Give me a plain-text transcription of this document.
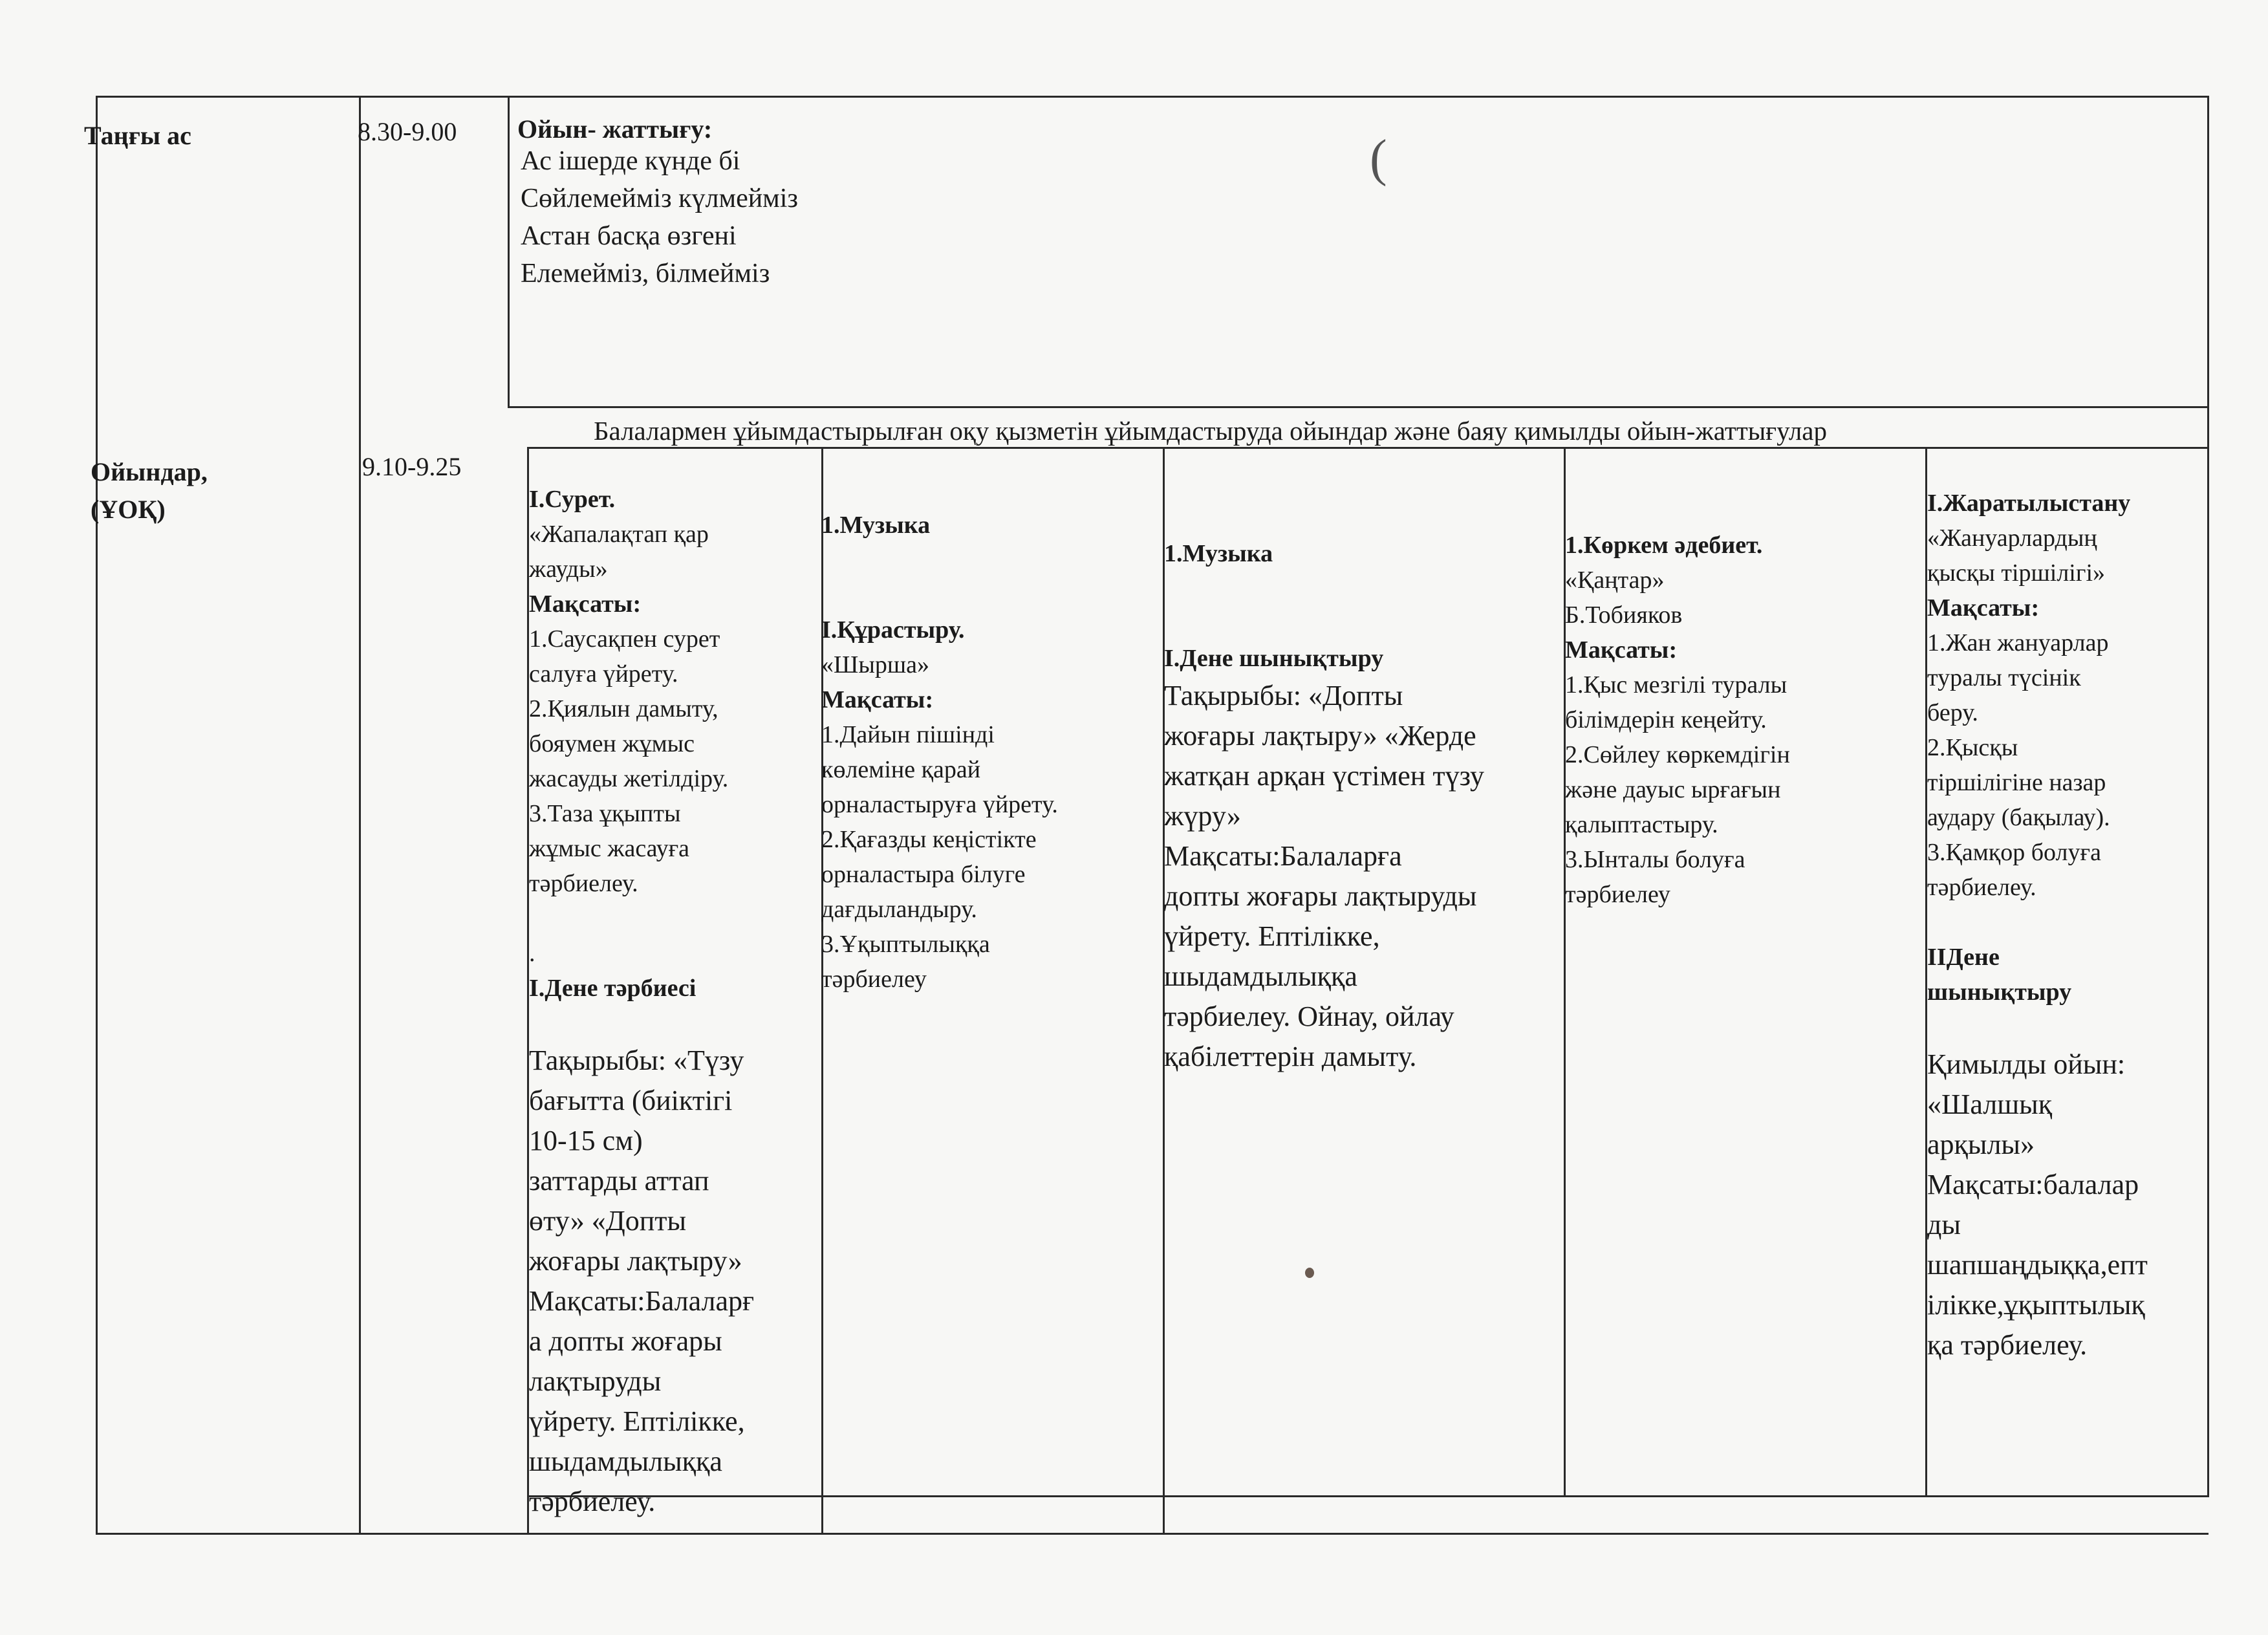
Таңғы ас	8.30-9.00 Ойын- жаттығу:
Ас ішерде күнде бі
Сөйлемейміз күлмейміз
Астан басқа өзгені
Елемейміз, білмейміз
(
Ойындар,
(ҰОҚ)
9.10-9.25
Балалармен ұйымдастырылған оқу қызметін ұйымдастыруда ойындар және баяу қимылды ойын-жаттығулар
І.Сурет.
«Жапалақтап қар
жауды»
Мақсаты:
1.Саусақпен сурет
салуға үйрету.
2.Қиялын дамыту,
бояумен жұмыс
жасауды жетілдіру.
3.Таза ұқыпты
жұмыс жасауға
тәрбиелеу.
.
І.Дене тәрбиесі
Тақырыбы: «Түзу
бағытта (биіктігі
10-15 см)
заттарды аттап
өту» «Допты
жоғары лақтыру»
Мақсаты:Балаларғ
а допты жоғары
лақтыруды
үйрету. Ептілікке,
шыдамдылыққа
тәрбиелеу.
1.Музыка
І.Құрастыру.
«Шырша»
Мақсаты:
1.Дайын пішінді
көлеміне қарай
орналастыруға үйрету.
2.Қағазды кеңістікте
орналастыра білуге
дағдыландыру.
3.Ұқыптылыққа
тәрбиелеу
1.Музыка
І.Дене шынықтыру
Тақырыбы: «Допты
жоғары лақтыру» «Жерде
жатқан арқан үстімен түзу
жүру»
Мақсаты:Балаларға
допты жоғары лақтыруды
үйрету. Ептілікке,
шыдамдылыққа
тәрбиелеу. Ойнау, ойлау
қабілеттерін дамыту.
1.Көркем әдебиет.
«Қаңтар»
Б.Тобияков
Мақсаты:
1.Қыс мезгілі туралы
білімдерін кеңейту.
2.Сөйлеу көркемдігін
және дауыс ырғағын
қалыптастыру.
3.Ынталы болуға
тәрбиелеу
І.Жаратылыстану
«Жануарлардың
қысқы тіршілігі»
Мақсаты:
1.Жан жануарлар
туралы түсінік
беру.
2.Қысқы
тіршілігіне назар
аудару (бақылау).
3.Қамқор болуға
тәрбиелеу.
ІІДене
шынықтыру
Қимылды ойын:
«Шалшық
арқылы»
Мақсаты:балалар
ды
шапшаңдыққа,епт
ілікке,ұқыптылық
қа тәрбиелеу.
